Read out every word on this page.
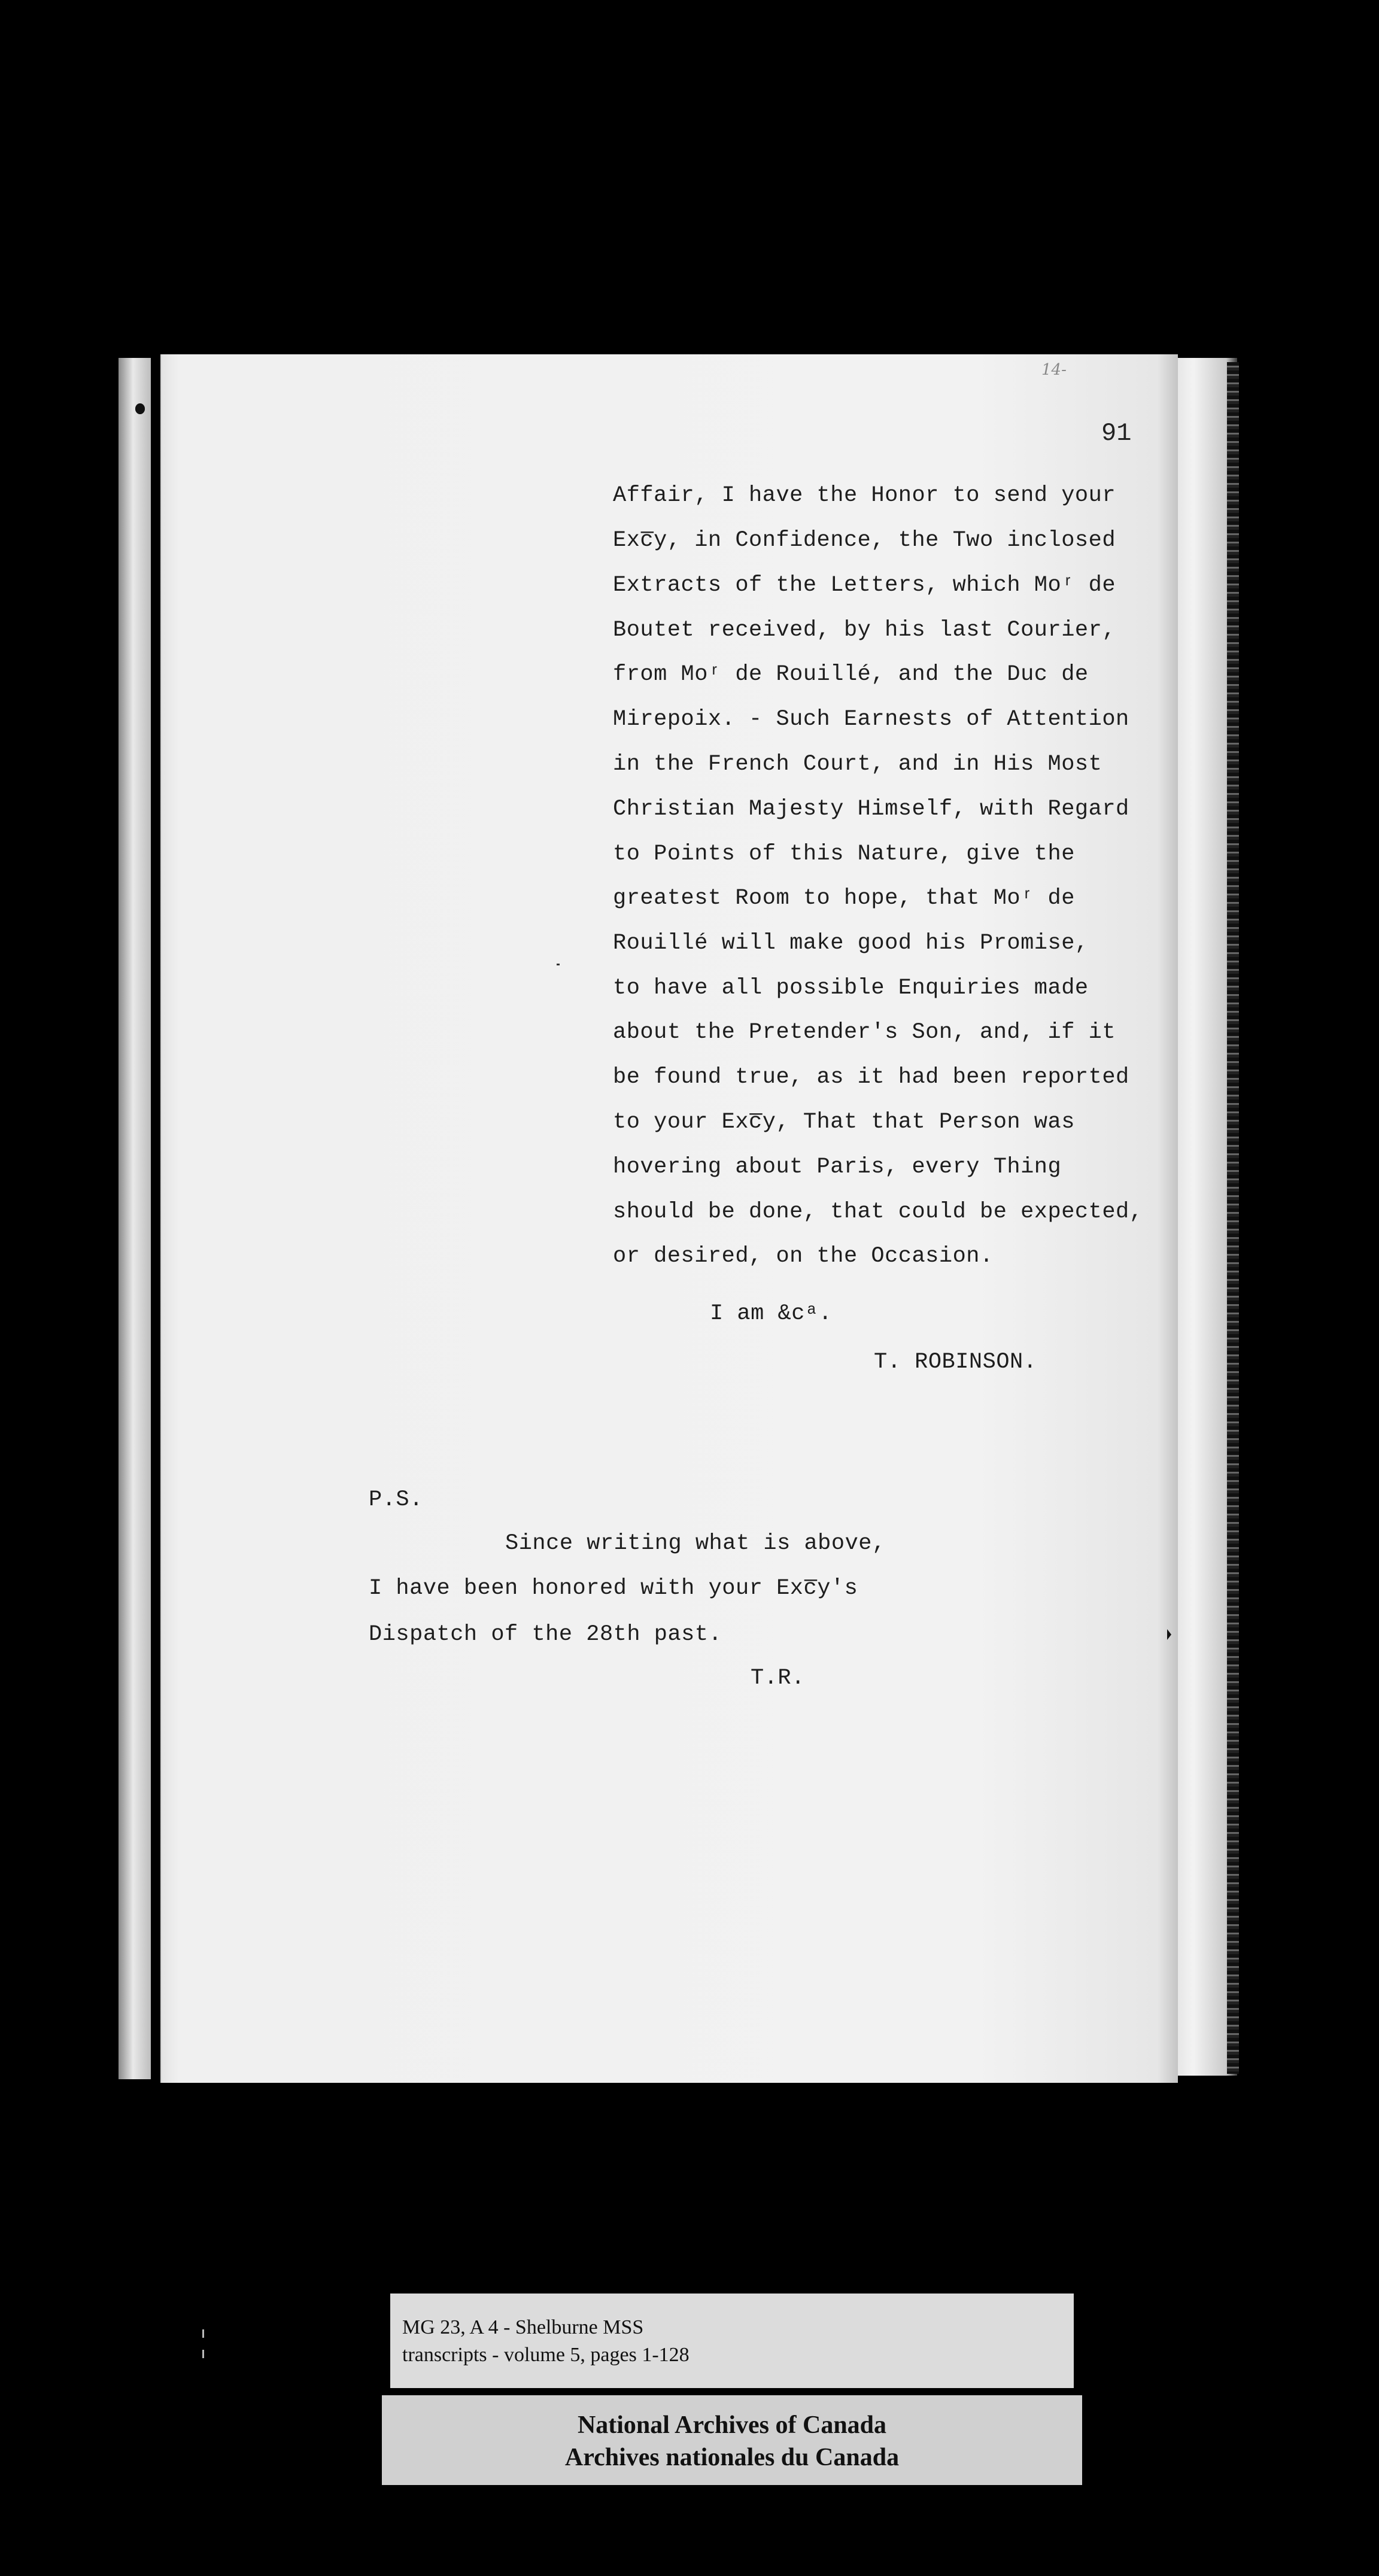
14-
91
Affair, I have the Honor to send your
Exc̅y, in Confidence, the Two inclosed
Extracts of the Letters, which Moʳ de
Boutet received, by his last Courier,
from Moʳ de Rouillé, and the Duc de
Mirepoix. - Such Earnests of Attention
in the French Court, and in His Most
Christian Majesty Himself, with Regard
to Points of this Nature, give the
greatest Room to hope, that Moʳ de
Rouillé will make good his Promise,
to have all possible Enquiries made
about the Pretender's Son, and, if it
be found true, as it had been reported
to your Exc̅y, That that Person was
hovering about Paris, every Thing
should be done, that could be expected,
or desired, on the Occasion.
I am &cᵃ.
T. ROBINSON.
P.S.
Since writing what is above,
I have been honored with your Exc̅y's
Dispatch of the 28th past.
T.R.
MG 23, A 4 - Shelburne MSS
transcripts - volume 5, pages 1-128
National Archives of Canada
Archives nationales du Canada
